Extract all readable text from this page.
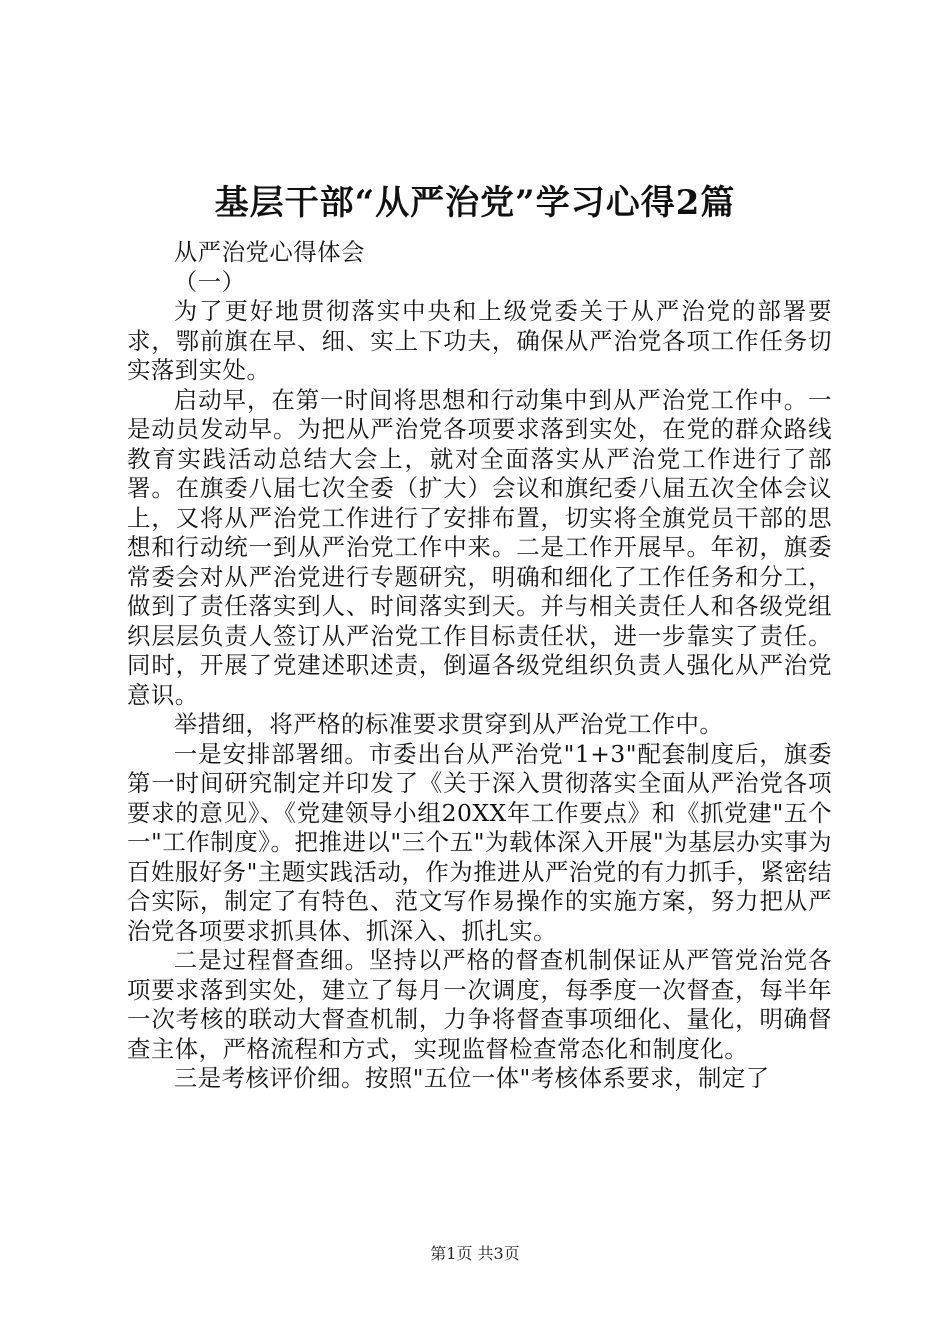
基层干部“从严治党”学习心得2篇

从严治党心得体会

（一）

为了更好地贯彻落实中央和上级党委关于从严治党的部署要求，鄂前旗在早、细、实上下功夫，确保从严治党各项工作任务切实落到实处。

启动早，在第一时间将思想和行动集中到从严治党工作中。一是动员发动早。为把从严治党各项要求落到实处，在党的群众路线教育实践活动总结大会上，就对全面落实从严治党工作进行了部署。在旗委八届七次全委（扩大）会议和旗纪委八届五次全体会议上，又将从严治党工作进行了安排布置，切实将全旗党员干部的思想和行动统一到从严治党工作中来。二是工作开展早。年初，旗委常委会对从严治党进行专题研究，明确和细化了工作任务和分工，做到了责任落实到人、时间落实到天。并与相关责任人和各级党组织层层负责人签订从严治党工作目标责任状，进一步靠实了责任。同时，开展了党建述职述责，倒逼各级党组织负责人强化从严治党意识。

举措细，将严格的标准要求贯穿到从严治党工作中。

一是安排部署细。市委出台从严治党"1+3"配套制度后，旗委第一时间研究制定并印发了《关于深入贯彻落实全面从严治党各项要求的意见》、《党建领导小组20XX年工作要点》和《抓党建"五个一"工作制度》。把推进以"三个五"为载体深入开展"为基层办实事为百姓服好务"主题实践活动，作为推进从严治党的有力抓手，紧密结合实际，制定了有特色、范文写作易操作的实施方案，努力把从严治党各项要求抓具体、抓深入、抓扎实。

二是过程督查细。坚持以严格的督查机制保证从严管党治党各项要求落到实处，建立了每月一次调度，每季度一次督查，每半年一次考核的联动大督查机制，力争将督查事项细化、量化，明确督查主体，严格流程和方式，实现监督检查常态化和制度化。

三是考核评价细。按照"五位一体"考核体系要求，制定了

第1页 共3页
